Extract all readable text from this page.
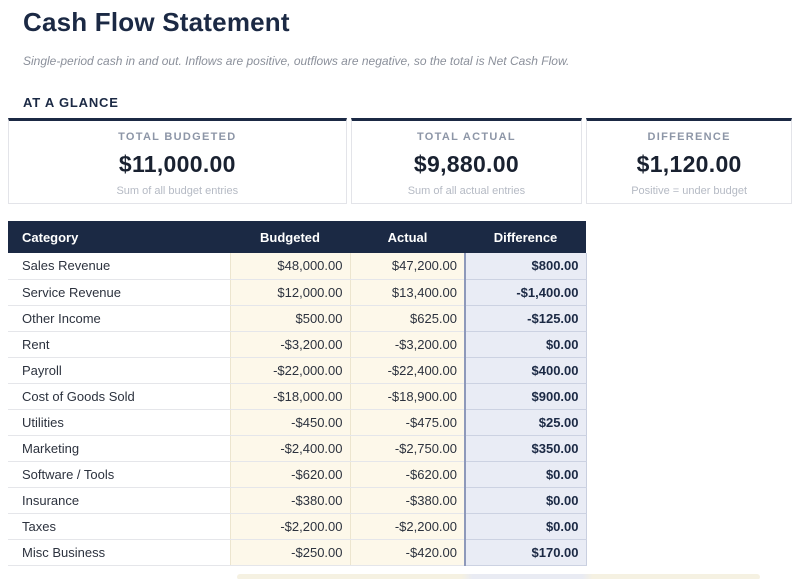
Cash Flow Statement

Single-period cash in and out. Inflows are positive, outflows are negative, so the total is Net Cash Flow.

AT A GLANCE
TOTAL BUDGETED
$11,000.00
Sum of all budget entries
TOTAL ACTUAL
$9,880.00
Sum of all actual entries
DIFFERENCE
$1,120.00
Positive = under budget
Category	Budgeted	Actual	Difference
Sales Revenue	$48,000.00	$47,200.00	$800.00
Service Revenue	$12,000.00	$13,400.00	-$1,400.00
Other Income	$500.00	$625.00	-$125.00
Rent	-$3,200.00	-$3,200.00	$0.00
Payroll	-$22,000.00	-$22,400.00	$400.00
Cost of Goods Sold	-$18,000.00	-$18,900.00	$900.00
Utilities	-$450.00	-$475.00	$25.00
Marketing	-$2,400.00	-$2,750.00	$350.00
Software / Tools	-$620.00	-$620.00	$0.00
Insurance	-$380.00	-$380.00	$0.00
Taxes	-$2,200.00	-$2,200.00	$0.00
Misc Business	-$250.00	-$420.00	$170.00
